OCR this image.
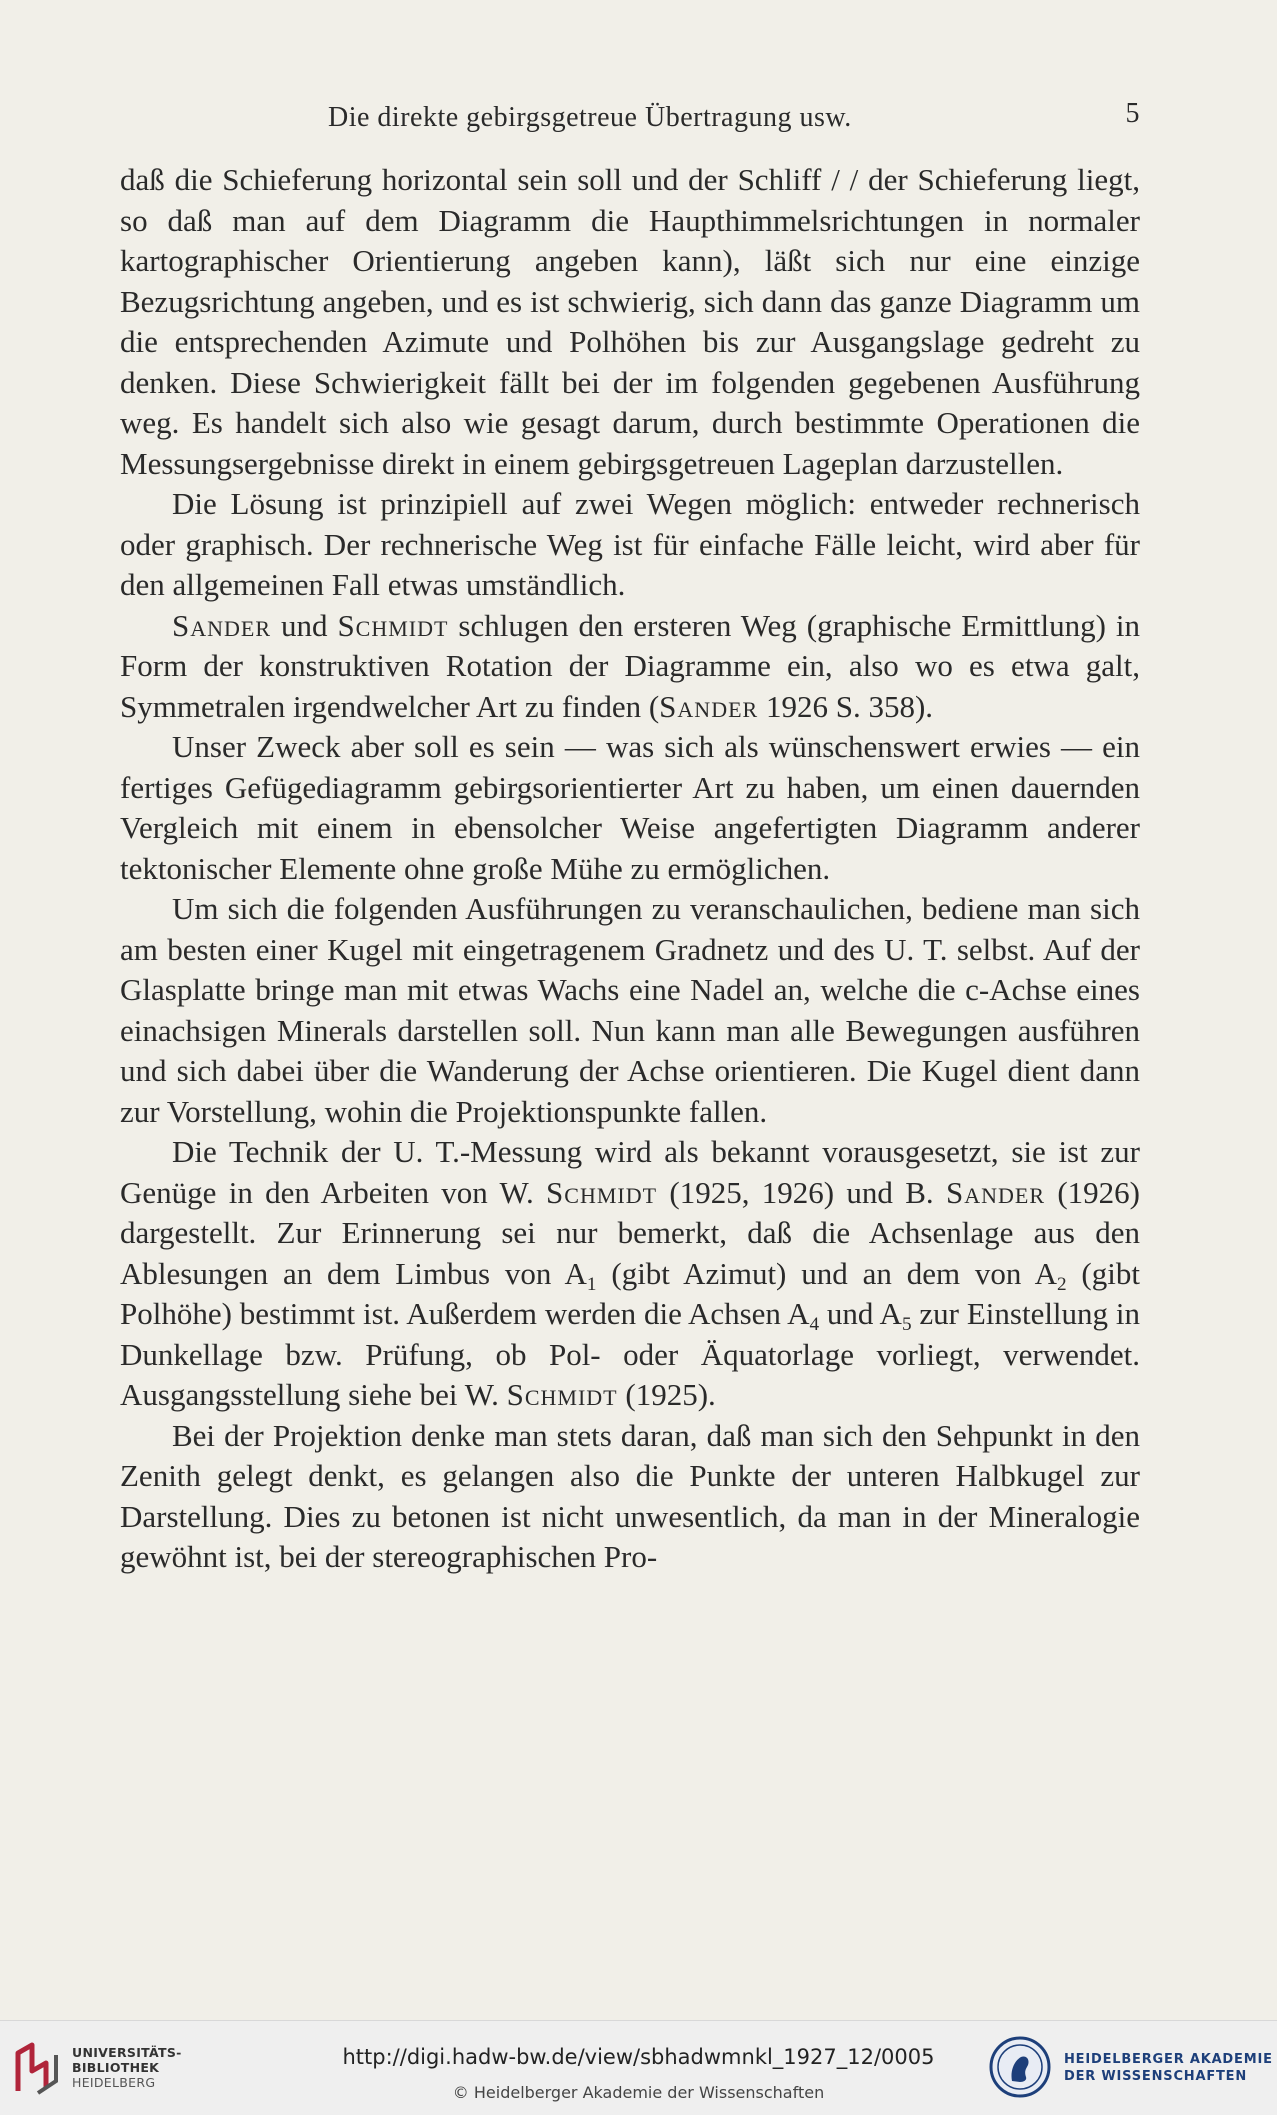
Die direkte gebirgsgetreue Übertragung usw.	5

daß die Schieferung horizontal sein soll und der Schliff / / der Schieferung liegt, so daß man auf dem Diagramm die Haupthimmelsrichtungen in normaler kartographischer Orientierung angeben kann), läßt sich nur eine einzige Bezugsrichtung angeben, und es ist schwierig, sich dann das ganze Diagramm um die entsprechenden Azimute und Polhöhen bis zur Ausgangslage gedreht zu denken. Diese Schwierigkeit fällt bei der im folgenden gegebenen Ausführung weg. Es handelt sich also wie gesagt darum, durch bestimmte Operationen die Messungsergebnisse direkt in einem gebirgsgetreuen Lageplan darzustellen.

Die Lösung ist prinzipiell auf zwei Wegen möglich: entweder rechnerisch oder graphisch. Der rechnerische Weg ist für einfache Fälle leicht, wird aber für den allgemeinen Fall etwas umständlich.

Sander und Schmidt schlugen den ersteren Weg (graphische Ermittlung) in Form der konstruktiven Rotation der Diagramme ein, also wo es etwa galt, Symmetralen irgendwelcher Art zu finden (Sander 1926 S. 358).

Unser Zweck aber soll es sein — was sich als wünschenswert erwies — ein fertiges Gefügediagramm gebirgsorientierter Art zu haben, um einen dauernden Vergleich mit einem in ebensolcher Weise angefertigten Diagramm anderer tektonischer Elemente ohne große Mühe zu ermöglichen.

Um sich die folgenden Ausführungen zu veranschaulichen, bediene man sich am besten einer Kugel mit eingetragenem Gradnetz und des U. T. selbst. Auf der Glasplatte bringe man mit etwas Wachs eine Nadel an, welche die c-Achse eines einachsigen Minerals darstellen soll. Nun kann man alle Bewegungen ausführen und sich dabei über die Wanderung der Achse orientieren. Die Kugel dient dann zur Vorstellung, wohin die Projektionspunkte fallen.

Die Technik der U. T.-Messung wird als bekannt vorausgesetzt, sie ist zur Genüge in den Arbeiten von W. Schmidt (1925, 1926) und B. Sander (1926) dargestellt. Zur Erinnerung sei nur bemerkt, daß die Achsenlage aus den Ablesungen an dem Limbus von $A_1$ (gibt Azimut) und an dem von $A_2$ (gibt Polhöhe) bestimmt ist. Außerdem werden die Achsen $A_4$ und $A_5$ zur Einstellung in Dunkellage bzw. Prüfung, ob Pol- oder Äquatorlage vorliegt, verwendet. Ausgangsstellung siehe bei W. Schmidt (1925).

Bei der Projektion denke man stets daran, daß man sich den Sehpunkt in den Zenith gelegt denkt, es gelangen also die Punkte der unteren Halbkugel zur Darstellung. Dies zu betonen ist nicht unwesentlich, da man in der Mineralogie gewöhnt ist, bei der stereographischen Pro-

UNIVERSITÄTS-
BIBLIOTHEK
HEIDELBERG
http://digi.hadw-bw.de/view/sbhadwmnkl_1927_12/0005
© Heidelberger Akademie der Wissenschaften
HEIDELBERGER AKADEMIE
DER WISSENSCHAFTEN
